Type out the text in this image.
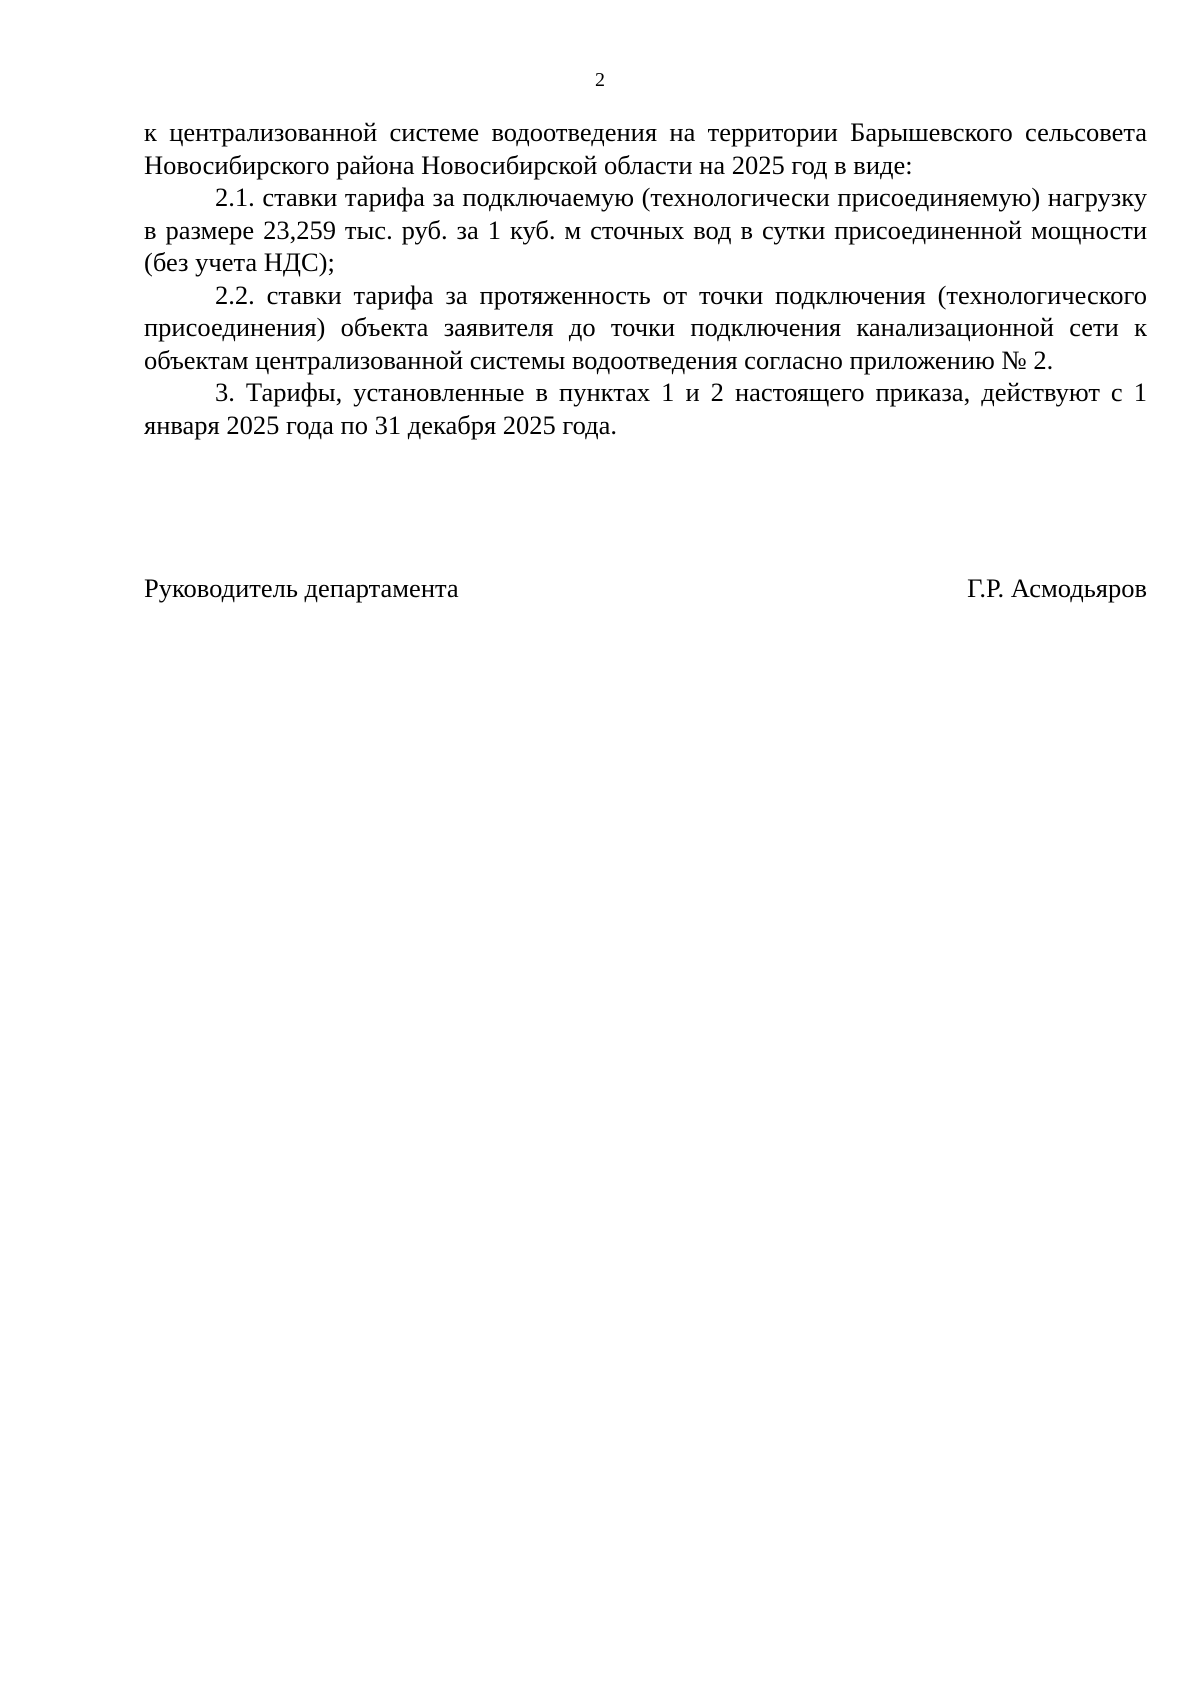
2

к централизованной системе водоотведения на территории Барышевского сельсовета Новосибирского района Новосибирской области на 2025 год в виде:

2.1. ставки тарифа за подключаемую (технологически присоединяемую) нагрузку в размере 23,259 тыс. руб. за 1 куб. м сточных вод в сутки присоединенной мощности (без учета НДС);

2.2. ставки тарифа за протяженность от точки подключения (технологического присоединения) объекта заявителя до точки подключения канализационной сети к объектам централизованной системы водоотведения согласно приложению № 2.

3. Тарифы, установленные в пунктах 1 и 2 настоящего приказа, действуют с 1 января 2025 года по 31 декабря 2025 года.

Руководитель департамента	Г.Р. Асмодьяров
